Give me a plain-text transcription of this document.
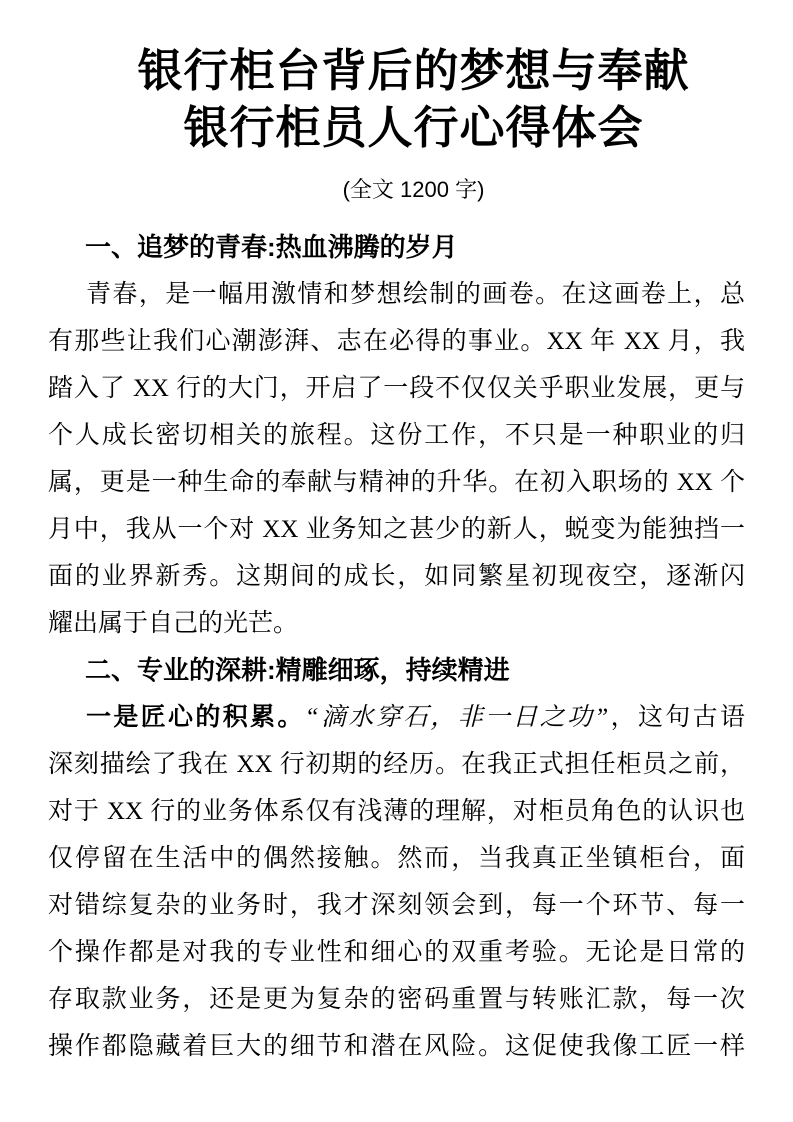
银行柜台背后的梦想与奉献
银行柜员人行心得体会
(全文 1200 字)
一、追梦的青春:热血沸腾的岁月
青春，是一幅用激情和梦想绘制的画卷。在这画卷上，总
有那些让我们心潮澎湃、志在必得的事业。XX 年 XX 月，我
踏入了 XX 行的大门，开启了一段不仅仅关乎职业发展，更与
个人成长密切相关的旅程。这份工作，不只是一种职业的归
属，更是一种生命的奉献与精神的升华。在初入职场的 XX 个
月中，我从一个对 XX 业务知之甚少的新人，蜕变为能独挡一
面的业界新秀。这期间的成长，如同繁星初现夜空，逐渐闪
耀出属于自己的光芒。
二、专业的深耕:精雕细琢，持续精进
一是匠心的积累。“滴水穿石，非一日之功”，这句古语
深刻描绘了我在 XX 行初期的经历。在我正式担任柜员之前，
对于 XX 行的业务体系仅有浅薄的理解，对柜员角色的认识也
仅停留在生活中的偶然接触。然而，当我真正坐镇柜台，面
对错综复杂的业务时，我才深刻领会到，每一个环节、每一
个操作都是对我的专业性和细心的双重考验。无论是日常的
存取款业务，还是更为复杂的密码重置与转账汇款，每一次
操作都隐藏着巨大的细节和潜在风险。这促使我像工匠一样
